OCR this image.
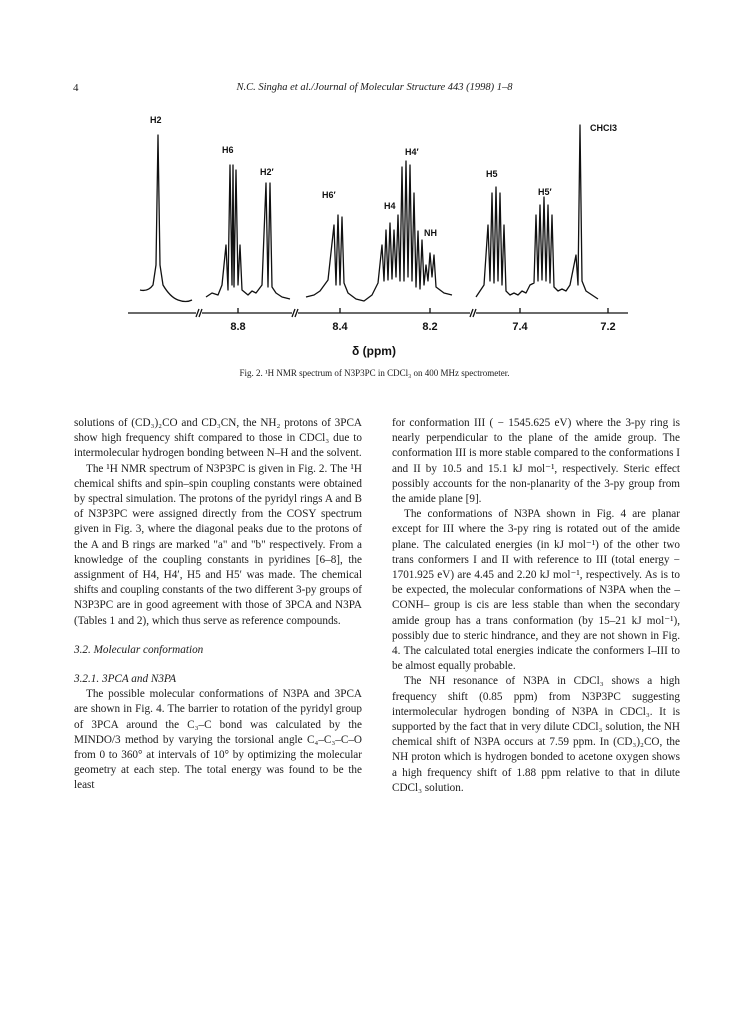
4	N.C. Singha et al./Journal of Molecular Structure 443 (1998) 1–8
H2
H6
H2′
H6′
H4
H4′
NH
H5
H5′
CHCl3
8.8	8.4	8.2	7.4	7.2
δ (ppm)
Fig. 2. ¹H NMR spectrum of N3P3PC in CDCl₃ on 400 MHz spectrometer.

solutions of (CD₃)₂CO and CD₃CN, the NH₂ protons of 3PCA show high frequency shift compared to those in CDCl₃ due to intermolecular hydrogen bonding between N–H and the solvent.

The ¹H NMR spectrum of N3P3PC is given in Fig. 2. The ¹H chemical shifts and spin–spin coupling constants were obtained by spectral simulation. The protons of the pyridyl rings A and B of N3P3PC were assigned directly from the COSY spectrum given in Fig. 3, where the diagonal peaks due to the protons of the A and B rings are marked "a" and "b" respectively. From a knowledge of the coupling constants in pyridines [6–8], the assignment of H4, H4′, H5 and H5′ was made. The chemical shifts and coupling constants of the two different 3-py groups of N3P3PC are in good agreement with those of 3PCA and N3PA (Tables 1 and 2), which thus serve as reference compounds.

3.2. Molecular conformation

3.2.1. 3PCA and N3PA

The possible molecular conformations of N3PA and 3PCA are shown in Fig. 4. The barrier to rotation of the pyridyl group of 3PCA around the C₃–C bond was calculated by the MINDO/3 method by varying the torsional angle C₄–C₃–C–O from 0 to 360° at intervals of 10° by optimizing the molecular geometry at each step. The total energy was found to be the least

for conformation III ( − 1545.625 eV) where the 3-py ring is nearly perpendicular to the plane of the amide group. The conformation III is more stable compared to the conformations I and II by 10.5 and 15.1 kJ mol⁻¹, respectively. Steric effect possibly accounts for the non-planarity of the 3-py group from the amide plane [9].

The conformations of N3PA shown in Fig. 4 are planar except for III where the 3-py ring is rotated out of the amide plane. The calculated energies (in kJ mol⁻¹) of the other two trans conformers I and II with reference to III (total energy − 1701.925 eV) are 4.45 and 2.20 kJ mol⁻¹, respectively. As is to be expected, the molecular conformations of N3PA when the –CONH– group is cis are less stable than when the secondary amide group has a trans conformation (by 15–21 kJ mol⁻¹), possibly due to steric hindrance, and they are not shown in Fig. 4. The calculated total energies indicate the conformers I–III to be almost equally probable.

The NH resonance of N3PA in CDCl₃ shows a high frequency shift (0.85 ppm) from N3P3PC suggesting intermolecular hydrogen bonding of N3PA in CDCl₃. It is supported by the fact that in very dilute CDCl₃ solution, the NH chemical shift of N3PA occurs at 7.59 ppm. In (CD₃)₂CO, the NH proton which is hydrogen bonded to acetone oxygen shows a high frequency shift of 1.88 ppm relative to that in dilute CDCl₃ solution.
